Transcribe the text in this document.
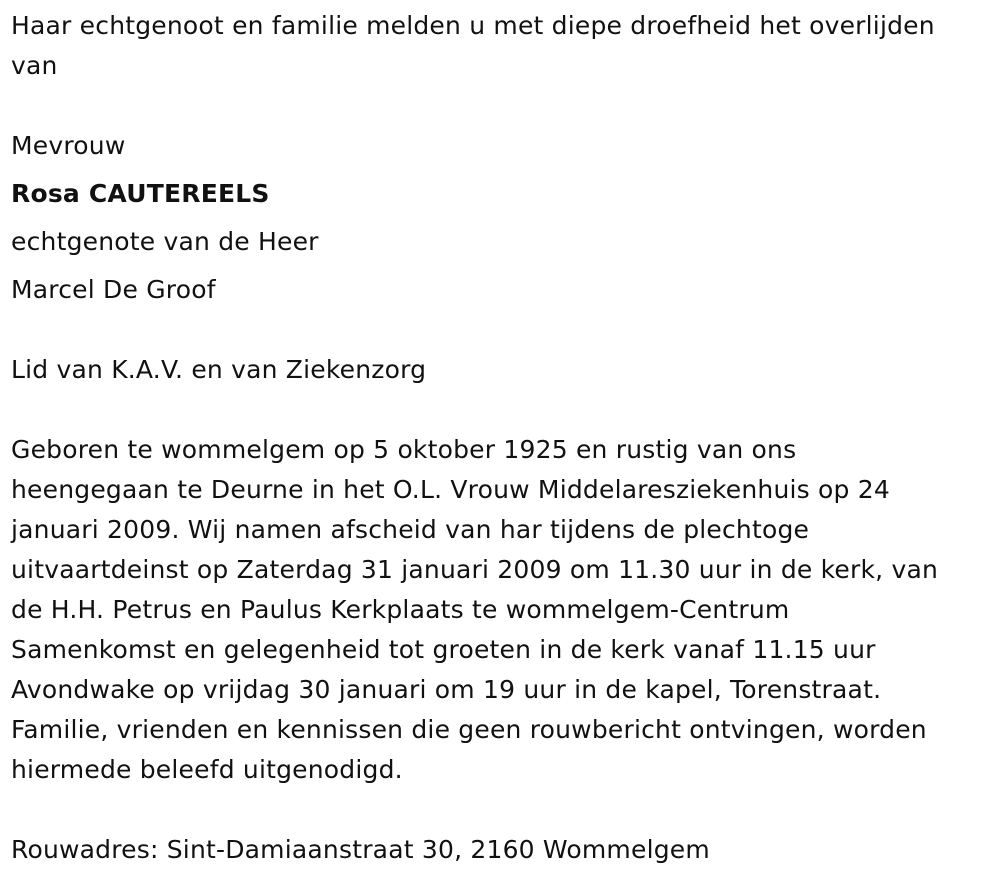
Haar echtgenoot en familie melden u met diepe droefheid het overlijden
van
Mevrouw
Rosa CAUTEREELS
echtgenote van de Heer
Marcel De Groof
Lid van K.A.V. en van Ziekenzorg
Geboren te wommelgem op 5 oktober 1925 en rustig van ons
heengegaan te Deurne in het O.L. Vrouw Middelaresziekenhuis op 24
januari 2009. Wij namen afscheid van har tijdens de plechtoge
uitvaartdeinst op Zaterdag 31 januari 2009 om 11.30 uur in de kerk, van
de H.H. Petrus en Paulus Kerkplaats te wommelgem-Centrum
Samenkomst en gelegenheid tot groeten in de kerk vanaf 11.15 uur
Avondwake op vrijdag 30 januari om 19 uur in de kapel, Torenstraat.
Familie, vrienden en kennissen die geen rouwbericht ontvingen, worden
hiermede beleefd uitgenodigd.
Rouwadres: Sint-Damiaanstraat 30, 2160 Wommelgem
